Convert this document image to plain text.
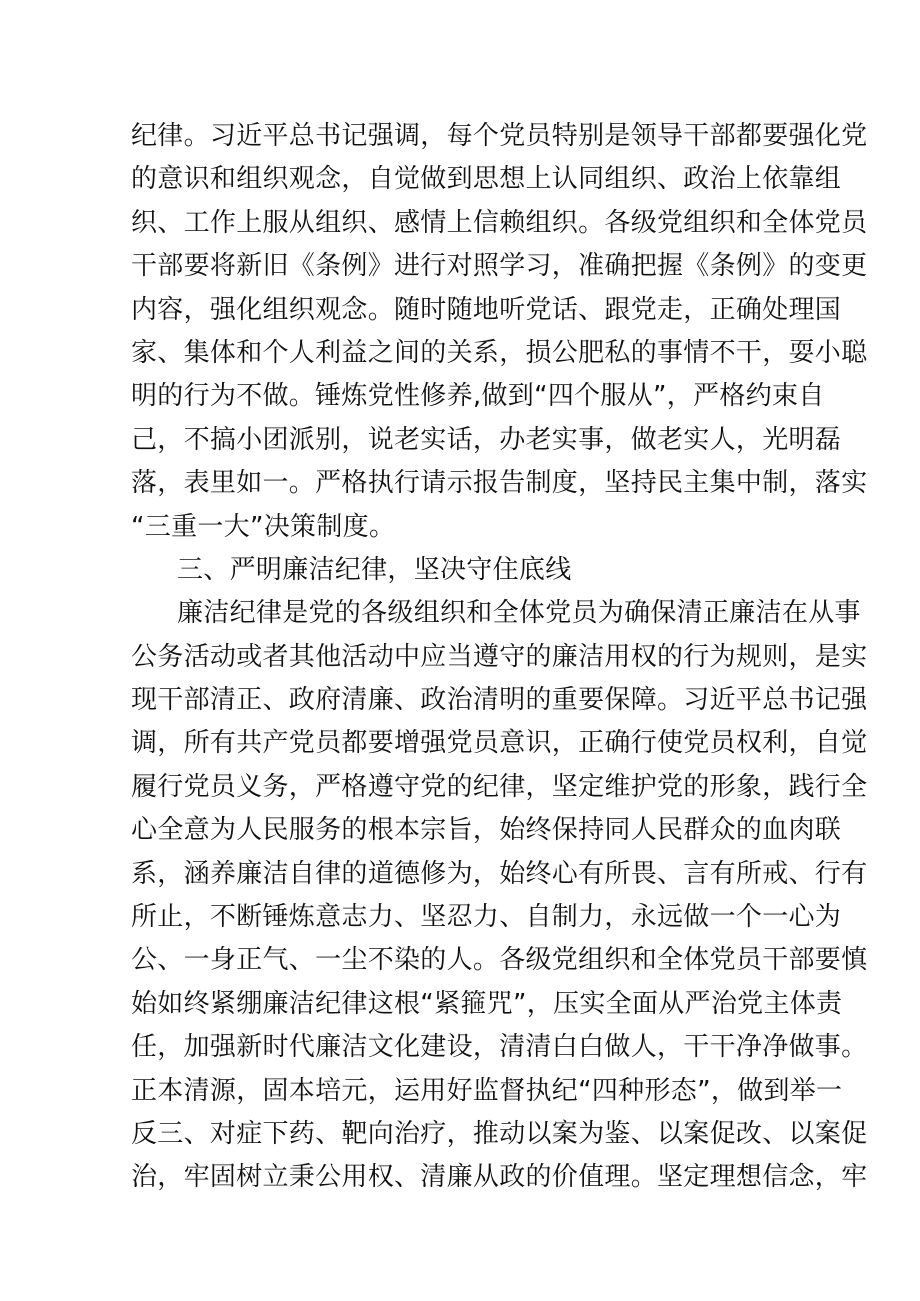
纪律。习近平总书记强调，每个党员特别是领导干部都要强化党
的意识和组织观念，自觉做到思想上认同组织、政治上依靠组
织、工作上服从组织、感情上信赖组织。各级党组织和全体党员
干部要将新旧《条例》进行对照学习，准确把握《条例》的变更
内容，强化组织观念。随时随地听党话、跟党走，正确处理国
家、集体和个人利益之间的关系，损公肥私的事情不干，耍小聪
明的行为不做。锤炼党性修养,做到“四个服从”，严格约束自
己，不搞小团派别，说老实话，办老实事，做老实人，光明磊
落，表里如一。严格执行请示报告制度，坚持民主集中制，落实
“三重一大”决策制度。
三、严明廉洁纪律，坚决守住底线
廉洁纪律是党的各级组织和全体党员为确保清正廉洁在从事
公务活动或者其他活动中应当遵守的廉洁用权的行为规则，是实
现干部清正、政府清廉、政治清明的重要保障。习近平总书记强
调，所有共产党员都要增强党员意识，正确行使党员权利，自觉
履行党员义务，严格遵守党的纪律，坚定维护党的形象，践行全
心全意为人民服务的根本宗旨，始终保持同人民群众的血肉联
系，涵养廉洁自律的道德修为，始终心有所畏、言有所戒、行有
所止，不断锤炼意志力、坚忍力、自制力，永远做一个一心为
公、一身正气、一尘不染的人。各级党组织和全体党员干部要慎
始如终紧绷廉洁纪律这根“紧箍咒”，压实全面从严治党主体责
任，加强新时代廉洁文化建设，清清白白做人，干干净净做事。
正本清源，固本培元，运用好监督执纪“四种形态”，做到举一
反三、对症下药、靶向治疗，推动以案为鉴、以案促改、以案促
治，牢固树立秉公用权、清廉从政的价值理。坚定理想信念，牢
